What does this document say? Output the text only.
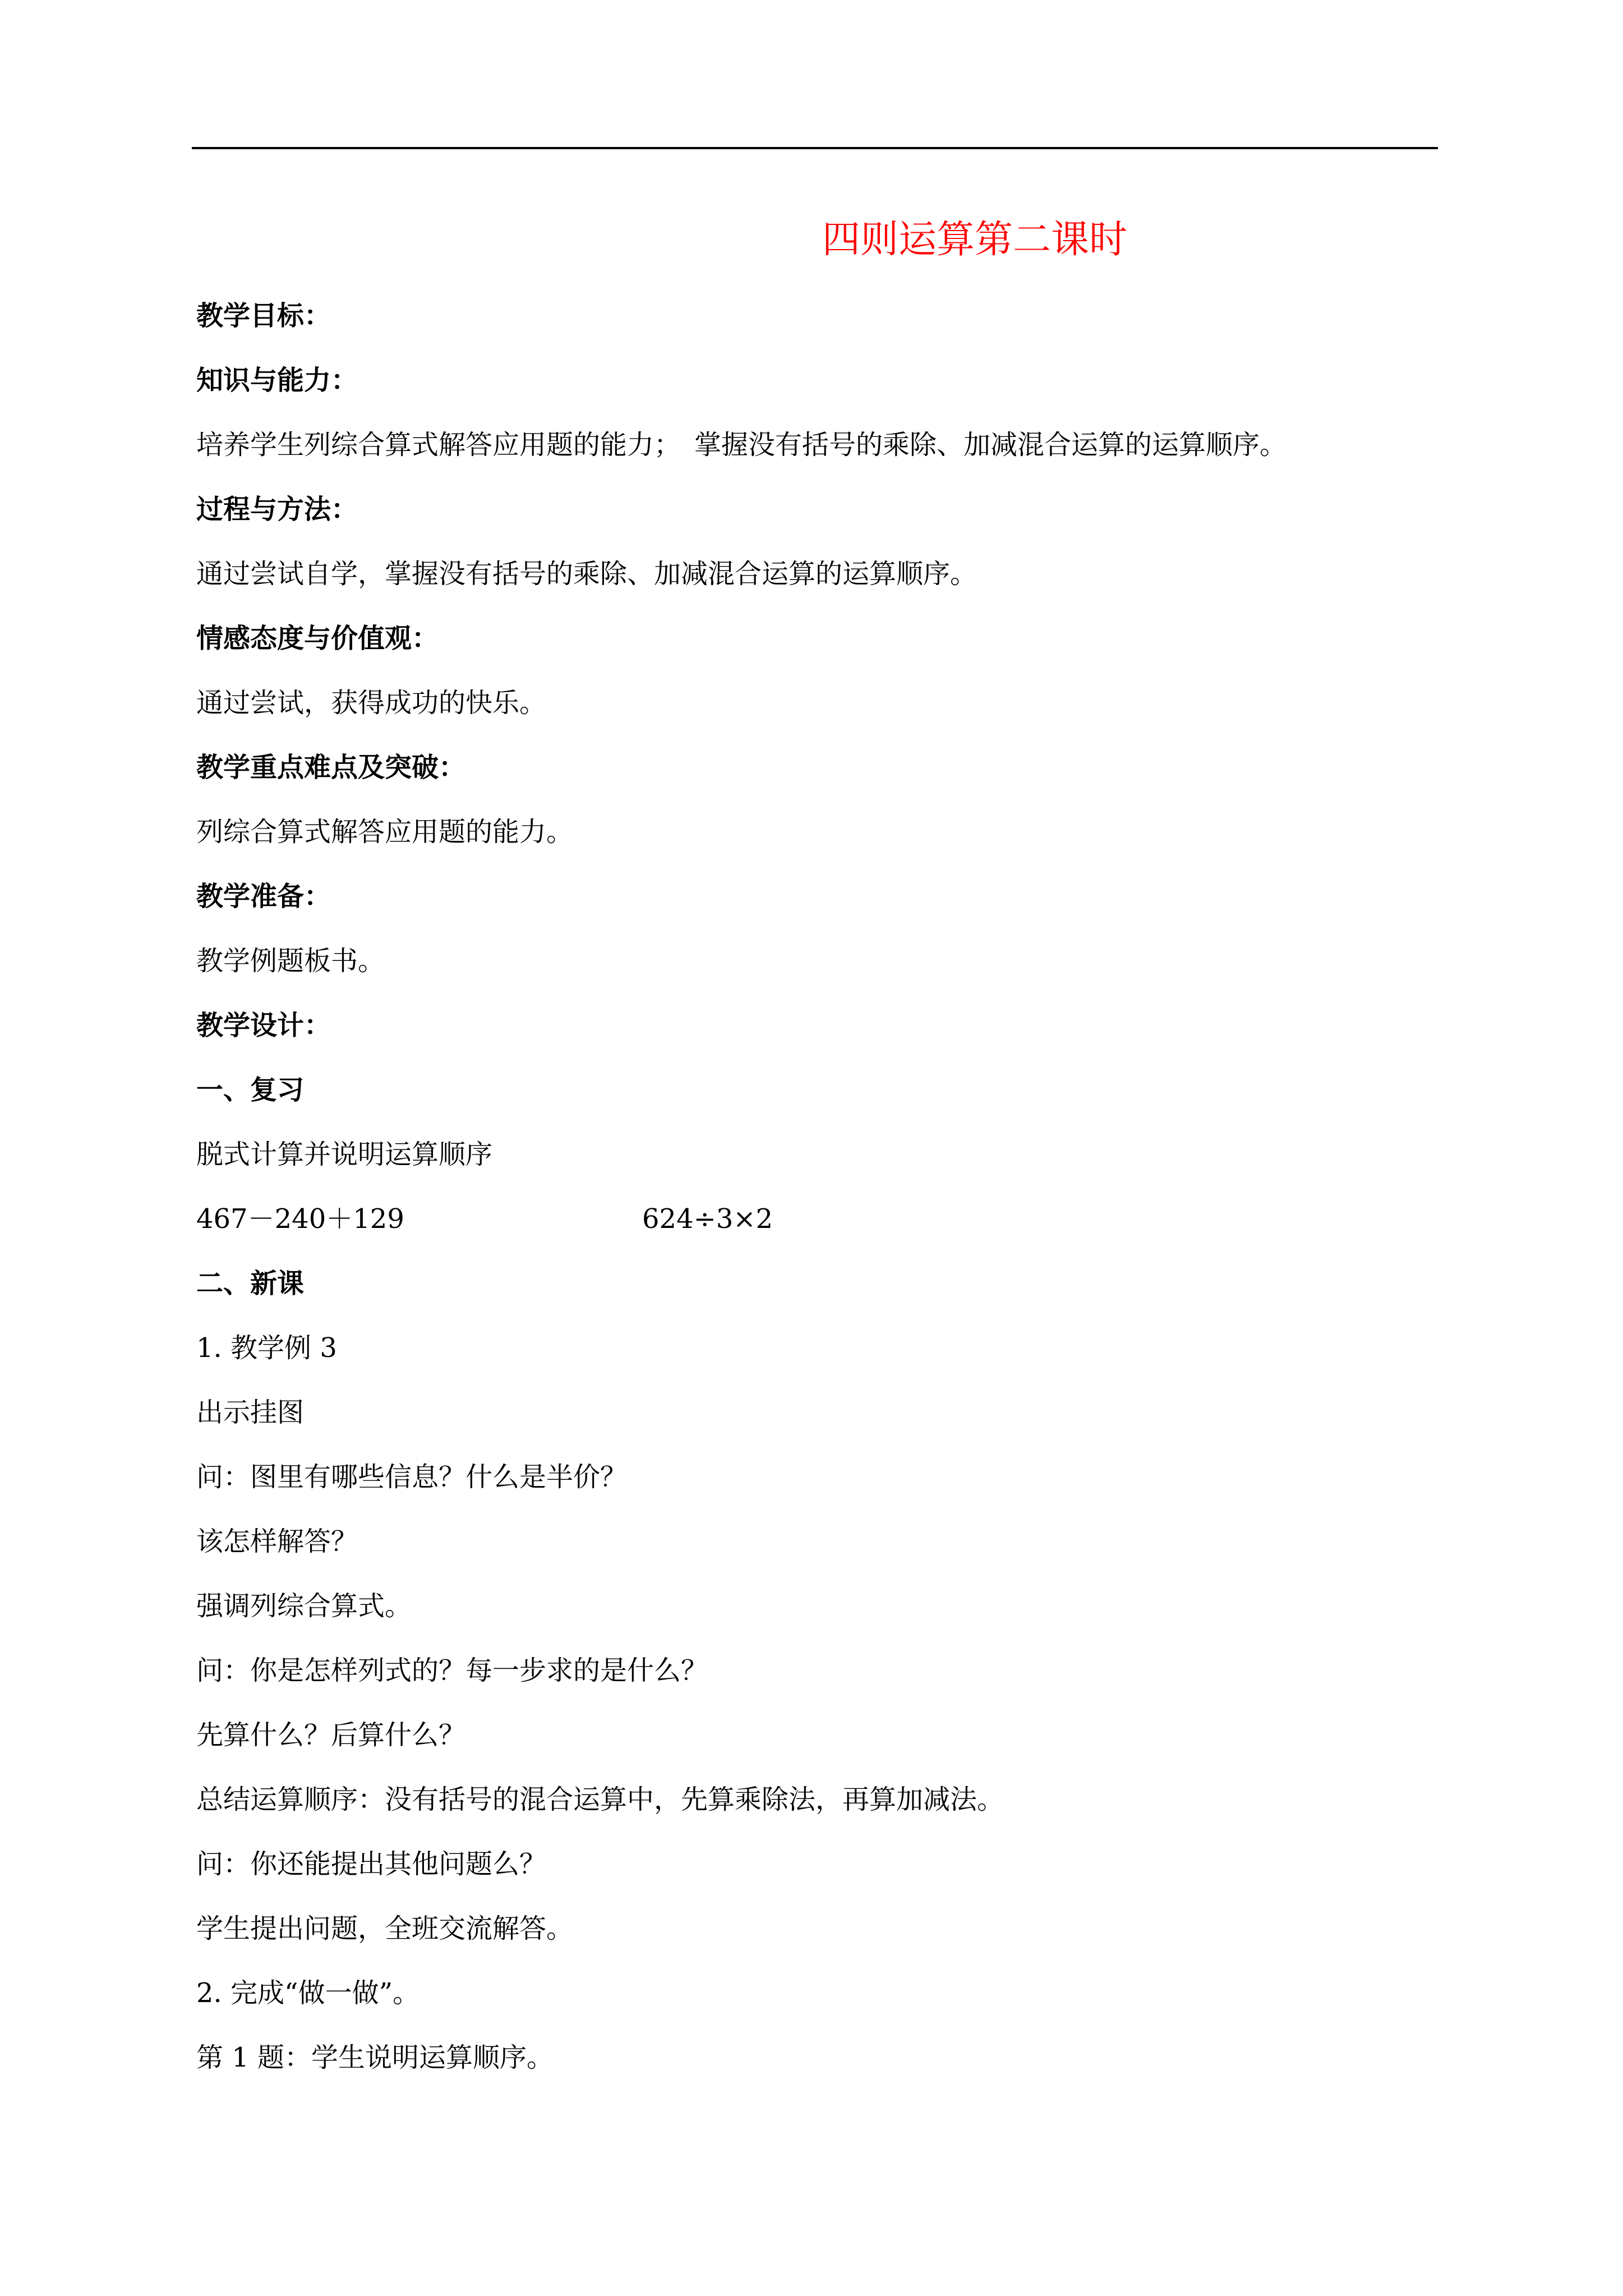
四则运算第二课时

教学目标：

知识与能力：

培养学生列综合算式解答应用题的能力；　掌握没有括号的乘除、加减混合运算的运算顺序。

过程与方法：

通过尝试自学，掌握没有括号的乘除、加减混合运算的运算顺序。

情感态度与价值观：

通过尝试，获得成功的快乐。

教学重点难点及突破：

列综合算式解答应用题的能力。

教学准备：

教学例题板书。

教学设计：

一、复习

脱式计算并说明运算顺序

467－240＋129	624÷3×2

二、新课

1. 教学例 3

出示挂图

问：图里有哪些信息？什么是半价？

该怎样解答？

强调列综合算式。

问：你是怎样列式的？每一步求的是什么？

先算什么？后算什么？

总结运算顺序：没有括号的混合运算中，先算乘除法，再算加减法。

问：你还能提出其他问题么？

学生提出问题，全班交流解答。

2. 完成“做一做”。

第 1 题：学生说明运算顺序。
